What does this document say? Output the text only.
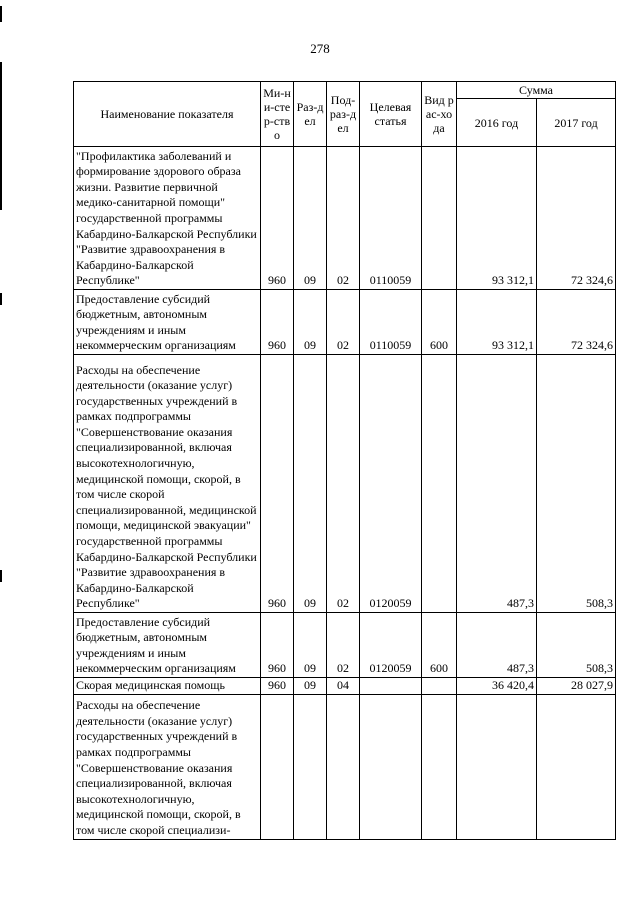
278
Наименование показателя	Ми-ни-стер-ство	Раз-дел	Под-раз-дел	Целевая статья	Вид рас-хода	Сумма	
						2016 год	2017 год
"Профилактика заболеваний и формирование здорового образа жизни. Развитие первичной медико-санитарной помощи" государственной программы Кабардино-Балкарской Республики "Развитие здравоохранения в Кабардино-Балкарской Республике"	960	09	02	0110059		93 312,1	72 324,6
Предоставление субсидий бюджетным, автономным учреждениям и иным некоммерческим организациям	960	09	02	0110059	600	93 312,1	72 324,6
Расходы на обеспечение деятельности (оказание услуг) государственных учреждений в рамках подпрограммы "Совершенствование оказания специализированной, включая высокотехнологичную, медицинской помощи, скорой, в том числе скорой специализированной, медицинской помощи, медицинской эвакуации" государственной программы Кабардино-Балкарской Республики "Развитие здравоохранения в Кабардино-Балкарской Республике"	960	09	02	0120059		487,3	508,3
Предоставление субсидий бюджетным, автономным учреждениям и иным некоммерческим организациям	960	09	02	0120059	600	487,3	508,3
Скорая медицинская помощь	960	09	04			36 420,4	28 027,9
Расходы на обеспечение деятельности (оказание услуг) государственных учреждений в рамках подпрограммы "Совершенствование оказания специализированной, включая высокотехнологичную, медицинской помощи, скорой, в том числе скорой специализи-							
